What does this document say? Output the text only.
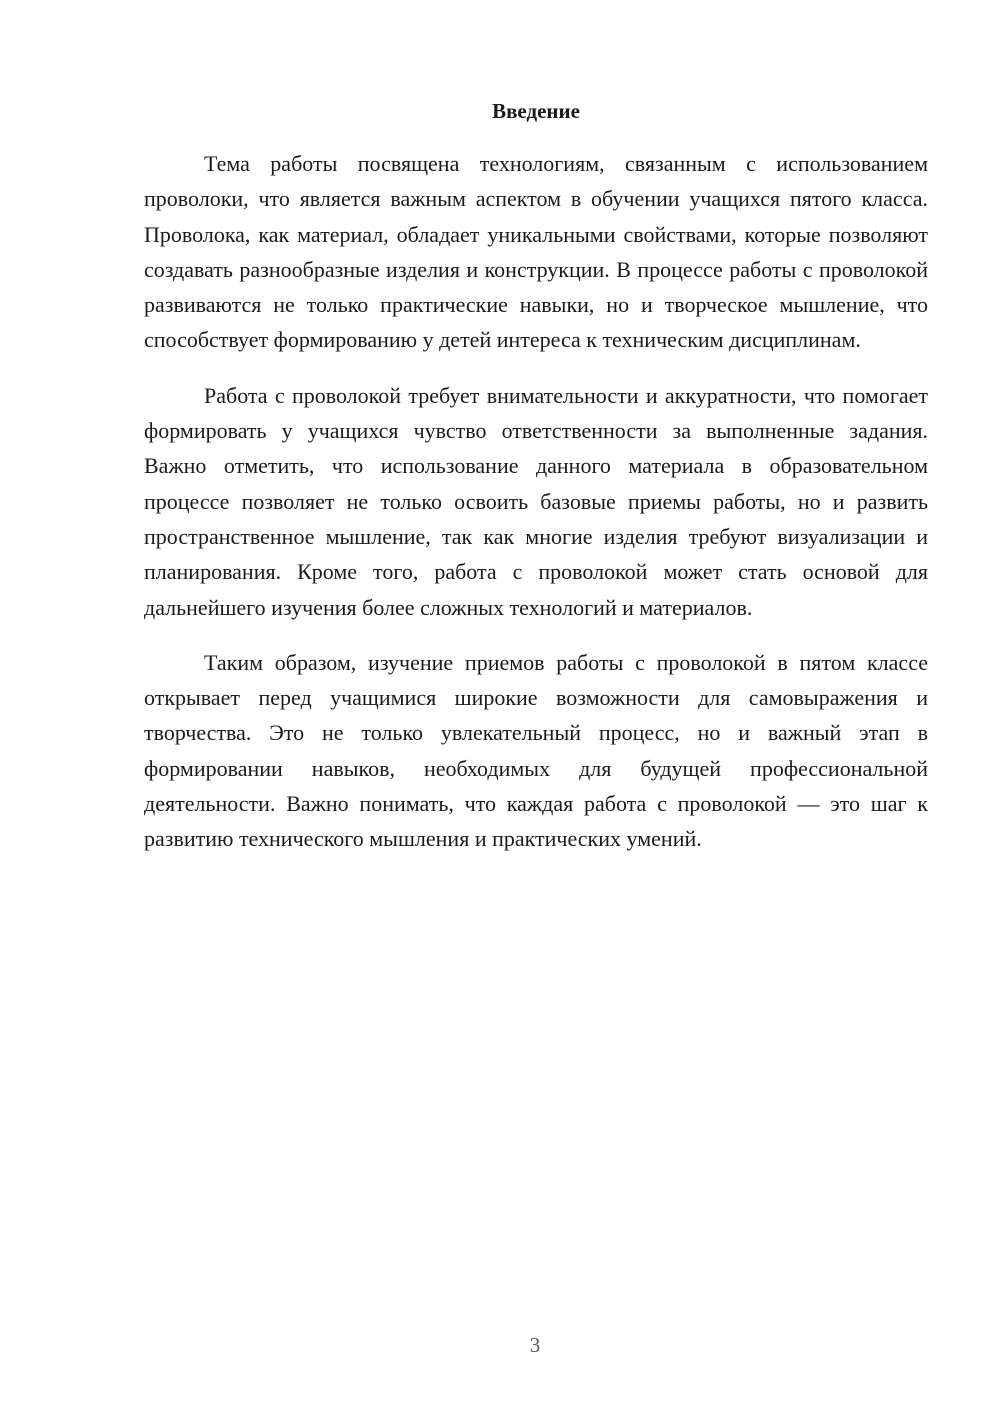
Введение

Тема работы посвящена технологиям, связанным с использованием проволоки, что является важным аспектом в обучении учащихся пятого класса. Проволока, как материал, обладает уникальными свойствами, которые позволяют создавать разнообразные изделия и конструкции. В процессе работы с проволокой развиваются не только практические навыки, но и творческое мышление, что способствует формированию у детей интереса к техническим дисциплинам.

Работа с проволокой требует внимательности и аккуратности, что помогает формировать у учащихся чувство ответственности за выполненные задания. Важно отметить, что использование данного материала в образовательном процессе позволяет не только освоить базовые приемы работы, но и развить пространственное мышление, так как многие изделия требуют визуализации и планирования. Кроме того, работа с проволокой может стать основой для дальнейшего изучения более сложных технологий и материалов.

Таким образом, изучение приемов работы с проволокой в пятом классе открывает перед учащимися широкие возможности для самовыражения и творчества. Это не только увлекательный процесс, но и важный этап в формировании навыков, необходимых для будущей профессиональной деятельности. Важно понимать, что каждая работа с проволокой — это шаг к развитию технического мышления и практических умений.

3
